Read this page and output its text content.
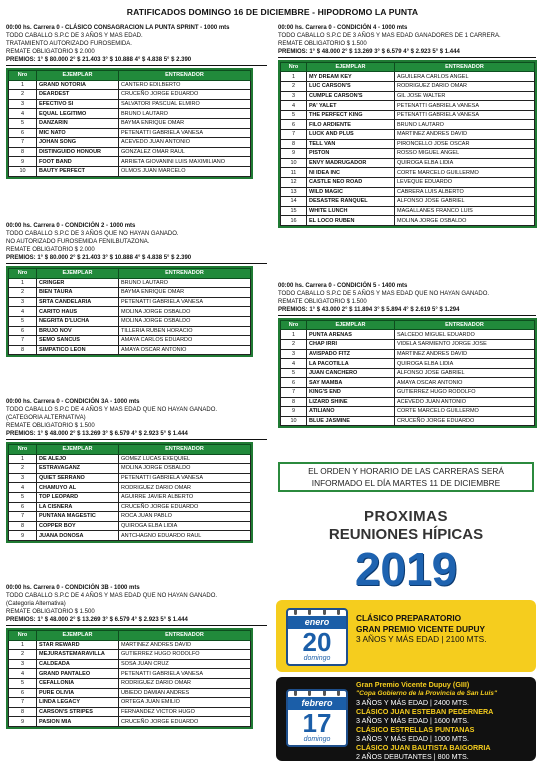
RATIFICADOS DOMINGO 16 DE DICIEMBRE - HIPODROMO LA PUNTA
00:00 hs. Carrera 0 - CLÁSICO CONSAGRACION LA PUNTA SPRINT - 1000 mts
TODO CABALLO S.P.C DE 3 AÑOS Y MAS EDAD.
TRATAMIENTO AUTORIZADO FUROSEMIDA.
REMATE OBLIGATORIO $ 2.000
PREMIOS: 1° $ 80.000 2° $ 21.403 3° $ 10.888 4° $ 4.838 5° $ 2.390
Nro	EJEMPLAR	ENTRENADOR
1	GRAND NOTORIA	CANTERO EDILBERTO
2	DEARDEST	CRUCEÑO JORGE EDUARDO
3	EFECTIVO SI	SALVATORI PASCUAL ELMIRO
4	EQUAL LEGITIMO	BRUNO LAUTARO
5	DANZARIN	BAYMA ENRIQUE OMAR
6	MIC NATO	PETENATTI GABRIELA VANESA
7	JOHAN SONG	ACEVEDO JUAN ANTONIO
8	DISTINGUIDO HONOUR	GONZALEZ OMAR RAUL
9	FOOT BAND	ARRIETA GIOVANINI LUIS MAXIMILIANO
10	BAUTY PERFECT	OLMOS JUAN MARCELO
00:00 hs. Carrera 0 - CONDICIÓN 2 - 1000 mts
TODO CABALLO S.P.C DE 3 AÑOS QUE NO HAYAN GANADO.
NO AUTORIZADO FUROSEMIDA FENILBUTAZONA.
REMATE OBLIGATORIO $ 2.000
PREMIOS: 1° $ 80.000 2° $ 21.403 3° $ 10.888 4° $ 4.838 5° $ 2.390
Nro	EJEMPLAR	ENTRENADOR
1	CRINGER	BRUNO LAUTARO
2	BIEN TAURA	BAYMA ENRIQUE OMAR
3	SRTA CANDELARIA	PETENATTI GABRIELA VANESA
4	CARITO HAUS	MOLINA JORGE OSBALDO
5	NEGRITA D'LUCHA	MOLINA JORGE OSBALDO
6	BRUJO NOV	TILLERIA RUBEN HORACIO
7	SEMO SANCUS	AMAYA CARLOS EDUARDO
8	SIMPATICO LEON	AMAYA OSCAR ANTONIO
00:00 hs. Carrera 0 - CONDICIÓN 3A - 1000 mts
TODO CABALLO S.P.C DE 4 AÑOS Y MAS EDAD QUE NO HAYAN GANADO.
(CATEGORIA ALTERNATIVA)
REMATE OBLIGATORIO $ 1.500
PREMIOS: 1° $ 48.000 2° $ 13.269 3° $ 6.579 4° $ 2.923 5° $ 1.444
Nro	EJEMPLAR	ENTRENADOR
1	DE ALEJO	GOMEZ LUCAS EXEQUIEL
2	ESTRAVAGANZ	MOLINA JORGE OSBALDO
3	QUIET SERRANO	PETENATTI GABRIELA VANESA
4	CHAMUYO AL	RODRIGUEZ DARIO OMAR
5	TOP LEOPARD	AGUIRRE JAVIER ALBERTO
6	LA CISNERA	CRUCEÑO JORGE EDUARDO
7	PUNTANA MAGESTIC	ROCA JUAN PABLO
8	COPPER BOY	QUIROGA ELBA LIDIA
9	JUANA DONOSA	ANTCHAGNO EDUARDO RAUL
00:00 hs. Carrera 0 - CONDICIÓN 3B - 1000 mts
TODO CABALLO S.P.C DE 4 AÑOS Y MAS EDAD QUE NO HAYAN GANADO.
(Categoria Alternativa)
REMATE OBLIGATORIO $ 1.500
PREMIOS: 1° $ 48.000 2° $ 13.269 3° $ 6.579 4° $ 2.923 5° $ 1.444
Nro	EJEMPLAR	ENTRENADOR
1	STAR REWARD	MARTINEZ ANDRES DAVID
2	MEJURASTEMARAVILLA	GUTIERREZ HUGO RODOLFO
3	CALDEADA	SOSA JUAN CRUZ
4	GRAND PANTALEO	PETENATTI GABRIELA VANESA
5	CEFALLONIA	RODRIGUEZ DARIO OMAR
6	PURE OLIVIA	UBIEDO DAMIAN ANDRES
7	LINDA LEGACY	ORTEGA JUAN EMILIO
8	CARSON'S STRIPES	FERNANDEZ VICTOR HUGO
9	PASION MIA	CRUCEÑO JORGE EDUARDO
00:00 hs. Carrera 0 - CONDICIÓN 4 - 1000 mts
TODO CABALLO S.P.C DE 3 AÑOS Y MAS EDAD GANADORES DE 1 CARRERA.
REMATE OBLIGATORIO $ 1.500
PREMIOS: 1° $ 48.000 2° $ 13.269 3° $ 6.579 4° $ 2.923 5° $ 1.444
Nro	EJEMPLAR	ENTRENADOR
1	MY DREAM KEY	AGUILERA CARLOS ANGEL
2	LUC CARSON'S	RODRIGUEZ DARIO OMAR
3	CUMPLE CARSON'S	GIL JOSE WALTER
4	PA' YALET	PETENATTI GABRIELA VANESA
5	THE PERFECT KING	PETENATTI GABRIELA VANESA
6	FILO ARDIENTE	BRUNO LAUTARO
7	LUCK AND PLUS	MARTINEZ ANDRES DAVID
8	TELL VAN	PIRONCELLO JOSE OSCAR
9	PISTON	ROSSO MIGUEL ANGEL
10	ENVY MADRUGADOR	QUIROGA ELBA LIDIA
11	NI IDEA INC	CORTE MARCELO GUILLERMO
12	CASTLE NEO ROAD	LEVEQUE EDUARDO
13	WILD MAGIC	CABRERA LUIS ALBERTO
14	DESASTRE RANQUEL	ALFONSO JOSE GABRIEL
15	WHITE LUNCH	MAGALLANES FRANCO LUIS
16	EL LOCO RUBEN	MOLINA JORGE OSBALDO
00:00 hs. Carrera 0 - CONDICIÓN 5 - 1400 mts
TODO CABALLO S.P.C DE 5 AÑOS Y MAS EDAD QUE NO HAYAN GANADO.
REMATE OBLIGATORIO $ 1.500
PREMIOS: 1° $ 43.000 2° $ 11.894 3° $ 5.894 4° $ 2.619 5° $ 1.294
Nro	EJEMPLAR	ENTRENADOR
1	PUNTA ARENAS	SALCEDO MIGUEL EDUARDO
2	CHAP IRRI	VIDELA SARMIENTO JORGE JOSE
3	AVISPADO FITZ	MARTINEZ ANDRES DAVID
4	LA PACOTILLA	QUIROGA ELBA LIDIA
5	JUAN CANCHERO	ALFONSO JOSE GABRIEL
6	SAY MAMBA	AMAYA OSCAR ANTONIO
7	KING'S END	GUTIERREZ HUGO RODOLFO
8	LIZARD SHINE	ACEVEDO JUAN ANTONIO
9	ATILIANO	CORTE MARCELO GUILLERMO
10	BLUE JASMINE	CRUCEÑO JORGE EDUARDO
EL ORDEN Y HORARIO DE LAS CARRERAS SERÁ
INFORMADO EL DÍA MARTES 11 DE DICIEMBRE
PROXIMAS
REUNIONES HÍPICAS
2019
enero
20
domingo
CLÁSICO PREPARATORIO
GRAN PREMIO VICENTE DUPUY
3 AÑOS Y MÁS EDAD | 2100 MTS.
febrero
17
domingo
Gran Premio Vicente Dupuy (GIII)
"Copa Gobierno de la Provincia de San Luis"
3 AÑOS Y MÁS EDAD | 2400 MTS.
CLÁSICO JUAN ESTEBAN PEDERNERA
3 AÑOS Y MÁS EDAD | 1600 MTS.
CLÁSICO ESTRELLAS PUNTANAS
3 AÑOS Y MÁS EDAD | 1000 MTS.
CLÁSICO JUAN BAUTISTA BAIGORRIA
2 AÑOS DEBUTANTES | 800 MTS.
